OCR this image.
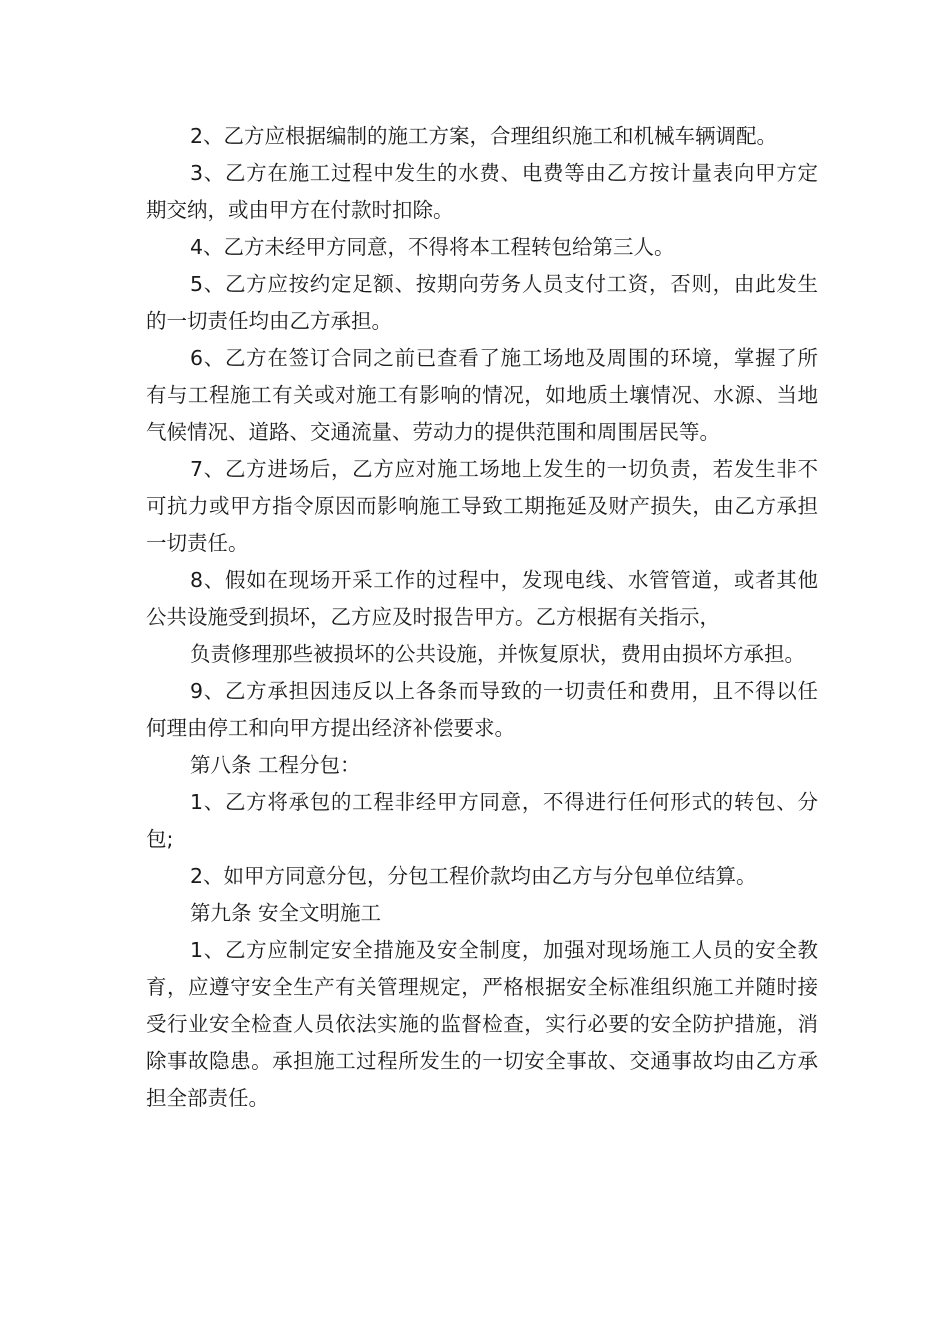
2、乙方应根据编制的施工方案，合理组织施工和机械车辆调配。

3、乙方在施工过程中发生的水费、电费等由乙方按计量表向甲方定期交纳，或由甲方在付款时扣除。

4、乙方未经甲方同意，不得将本工程转包给第三人。

5、乙方应按约定足额、按期向劳务人员支付工资，否则，由此发生的一切责任均由乙方承担。

6、乙方在签订合同之前已查看了施工场地及周围的环境，掌握了所有与工程施工有关或对施工有影响的情况，如地质土壤情况、水源、当地气候情况、道路、交通流量、劳动力的提供范围和周围居民等。

7、乙方进场后，乙方应对施工场地上发生的一切负责，若发生非不可抗力或甲方指令原因而影响施工导致工期拖延及财产损失，由乙方承担一切责任。

8、假如在现场开采工作的过程中，发现电线、水管管道，或者其他公共设施受到损坏，乙方应及时报告甲方。乙方根据有关指示，

负责修理那些被损坏的公共设施，并恢复原状，费用由损坏方承担。

9、乙方承担因违反以上各条而导致的一切责任和费用，且不得以任何理由停工和向甲方提出经济补偿要求。

第八条 工程分包：

1、乙方将承包的工程非经甲方同意，不得进行任何形式的转包、分包;

2、如甲方同意分包，分包工程价款均由乙方与分包单位结算。

第九条 安全文明施工

1、乙方应制定安全措施及安全制度，加强对现场施工人员的安全教育，应遵守安全生产有关管理规定，严格根据安全标准组织施工并随时接受行业安全检查人员依法实施的监督检查，实行必要的安全防护措施，消除事故隐患。承担施工过程所发生的一切安全事故、交通事故均由乙方承担全部责任。
